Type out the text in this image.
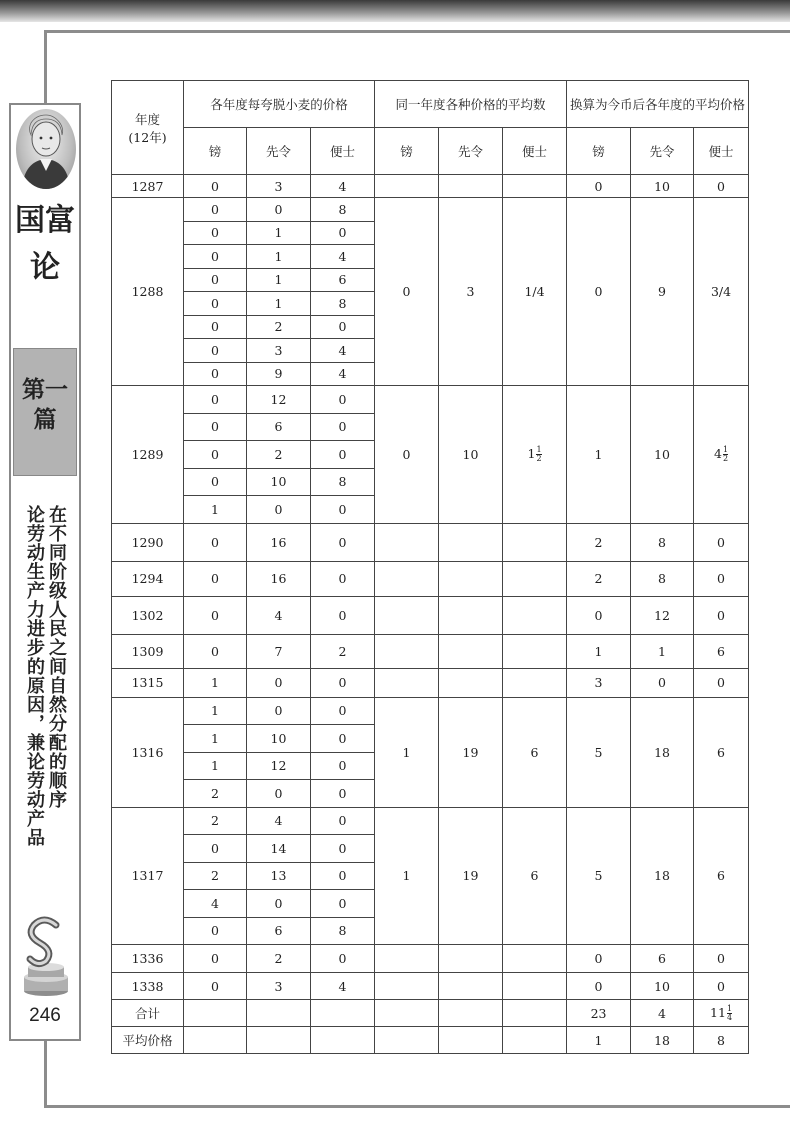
国富论
第一篇
在不同阶级人民之间自然分配的顺序
论劳动生产力进步的原因，兼论劳动产品
246
年度
(12年)	各年度每夸脱小麦的价格			同一年度各种价格的平均数			换算为今币后各年度的平均价格		
	镑	先令	便士	镑	先令	便士	镑	先令	便士
1287	0	3	4				0	10	0
1288	0	0	8	0	3	1/4	0	9	3/4
	0	1	0						
	0	1	4						
	0	1	6						
	0	1	8						
	0	2	0						
	0	3	4						
	0	9	4						
1289	0	12	0	0	10	$1 \frac{1}{2}$	1	10	$4 \frac{1}{2}$

	0	6	0						
	0	2	0						
	0	10	8						
	1	0	0						
1290	0	16	0				2	8	0
1294	0	16	0				2	8	0
1302	0	4	0				0	12	0
1309	0	7	2				1	1	6
1315	1	0	0				3	0	0
1316	1	0	0	1	19	6	5	18	6
	1	10	0						
	1	12	0						
	2	0	0						
1317	2	4	0	1	19	6	5	18	6
	0	14	0						
	2	13	0						
	4	0	0						
	0	6	8						
1336	0	2	0				0	6	0
1338	0	3	4				0	10	0
合计							23	4	$11 \frac{1}{4}$

平均价格							1	18	8
